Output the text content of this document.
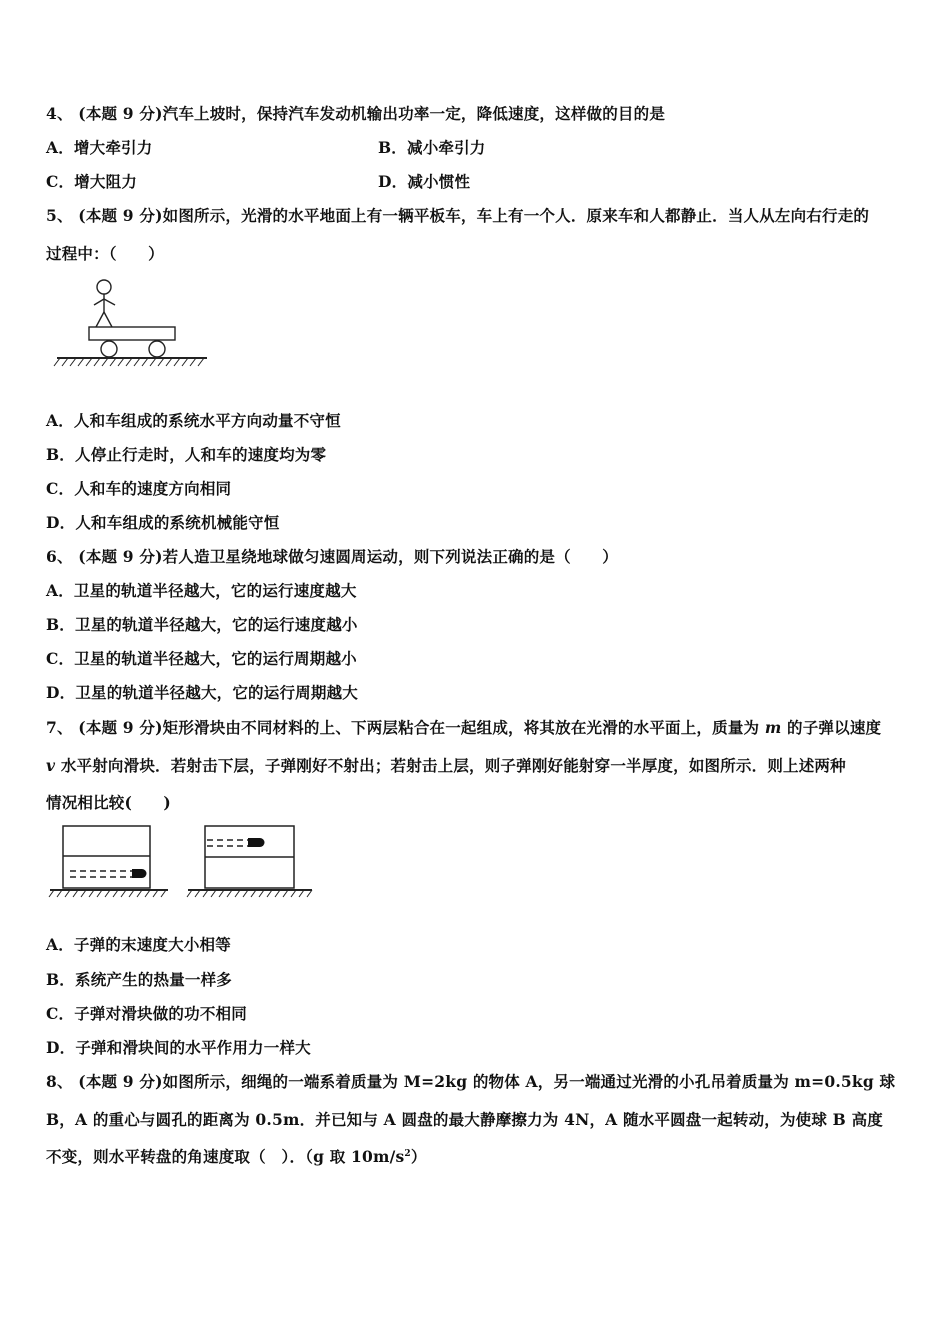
4、 (本题 9 分)汽车上坡时，保持汽车发动机输出功率一定，降低速度，这样做的目的是
A．增大牵引力	B．减小牵引力
C．增大阻力	D．减小惯性
5、 (本题 9 分)如图所示，光滑的水平地面上有一辆平板车，车上有一个人．原来车和人都静止．当人从左向右行走的
过程中：（　　）
A．人和车组成的系统水平方向动量不守恒
B．人停止行走时，人和车的速度均为零
C．人和车的速度方向相同
D．人和车组成的系统机械能守恒
6、 (本题 9 分)若人造卫星绕地球做匀速圆周运动，则下列说法正确的是（　　）
A．卫星的轨道半径越大，它的运行速度越大
B．卫星的轨道半径越大，它的运行速度越小
C．卫星的轨道半径越大，它的运行周期越小
D．卫星的轨道半径越大，它的运行周期越大
7、 (本题 9 分)矩形滑块由不同材料的上、下两层粘合在一起组成，将其放在光滑的水平面上，质量为 m 的子弹以速度
v 水平射向滑块．若射击下层，子弹刚好不射出；若射击上层，则子弹刚好能射穿一半厚度，如图所示．则上述两种
情况相比较(　　)
A．子弹的末速度大小相等
B．系统产生的热量一样多
C．子弹对滑块做的功不相同
D．子弹和滑块间的水平作用力一样大
8、 (本题 9 分)如图所示，细绳的一端系着质量为 M=2kg 的物体 A，另一端通过光滑的小孔吊着质量为 m=0.5kg 球
B，A 的重心与圆孔的距离为 0.5m．并已知与 A 圆盘的最大静摩擦力为 4N，A 随水平圆盘一起转动，为使球 B 高度
不变，则水平转盘的角速度取（　）．（g 取 $10m/s^2$）
